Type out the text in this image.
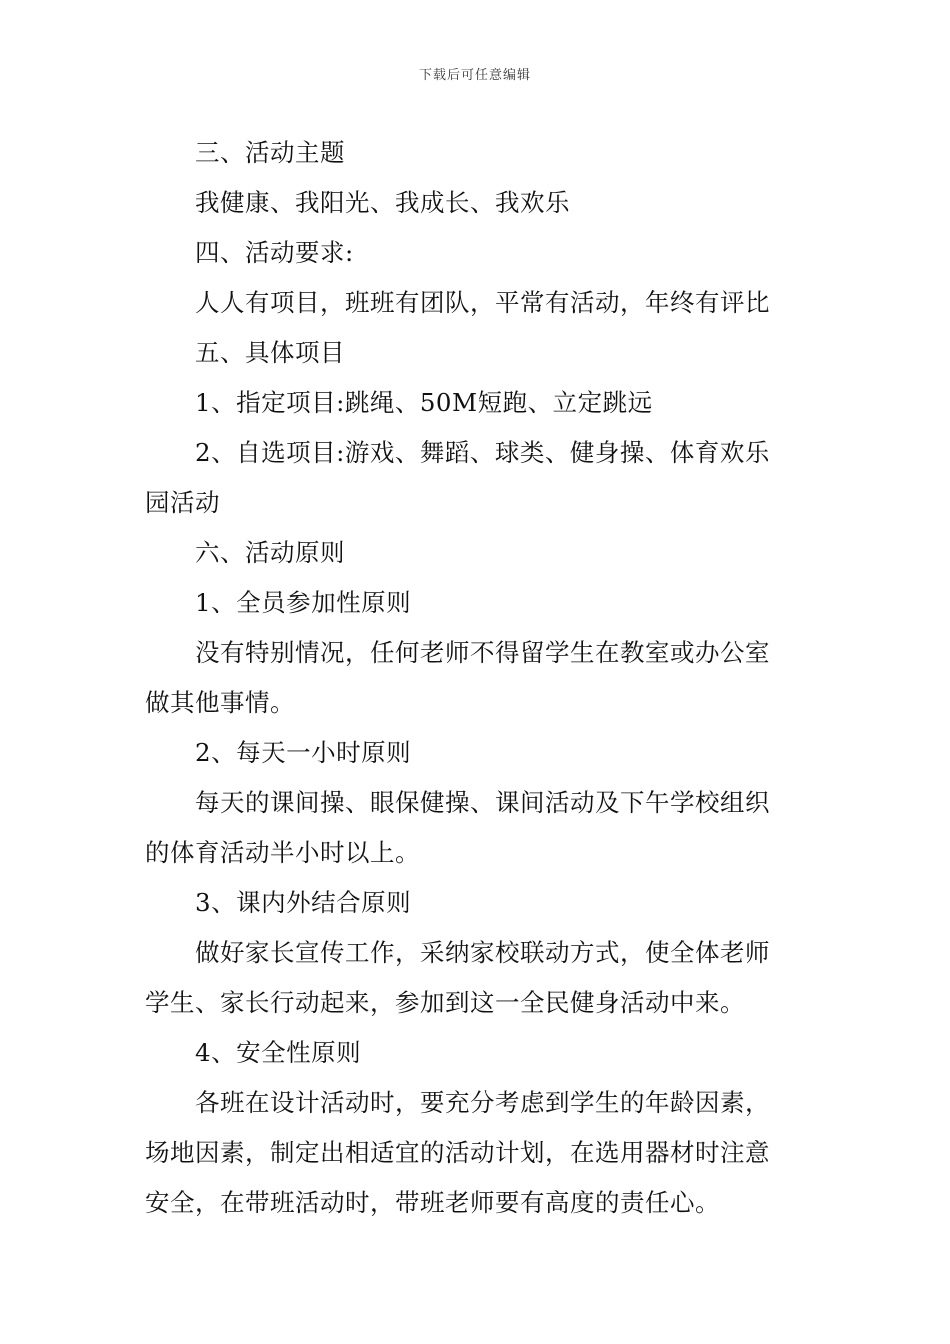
下载后可任意编辑
三、活动主题
我健康、我阳光、我成长、我欢乐
四、活动要求:
人人有项目，班班有团队，平常有活动，年终有评比
五、具体项目
1、指定项目:跳绳、50M短跑、立定跳远
2、自选项目:游戏、舞蹈、球类、健身操、体育欢乐
园活动
六、活动原则
1、全员参加性原则
没有特别情况，任何老师不得留学生在教室或办公室
做其他事情。
2、每天一小时原则
每天的课间操、眼保健操、课间活动及下午学校组织
的体育活动半小时以上。
3、课内外结合原则
做好家长宣传工作，采纳家校联动方式，使全体老师
学生、家长行动起来，参加到这一全民健身活动中来。
4、安全性原则
各班在设计活动时，要充分考虑到学生的年龄因素，
场地因素，制定出相适宜的活动计划，在选用器材时注意
安全，在带班活动时，带班老师要有高度的责任心。
